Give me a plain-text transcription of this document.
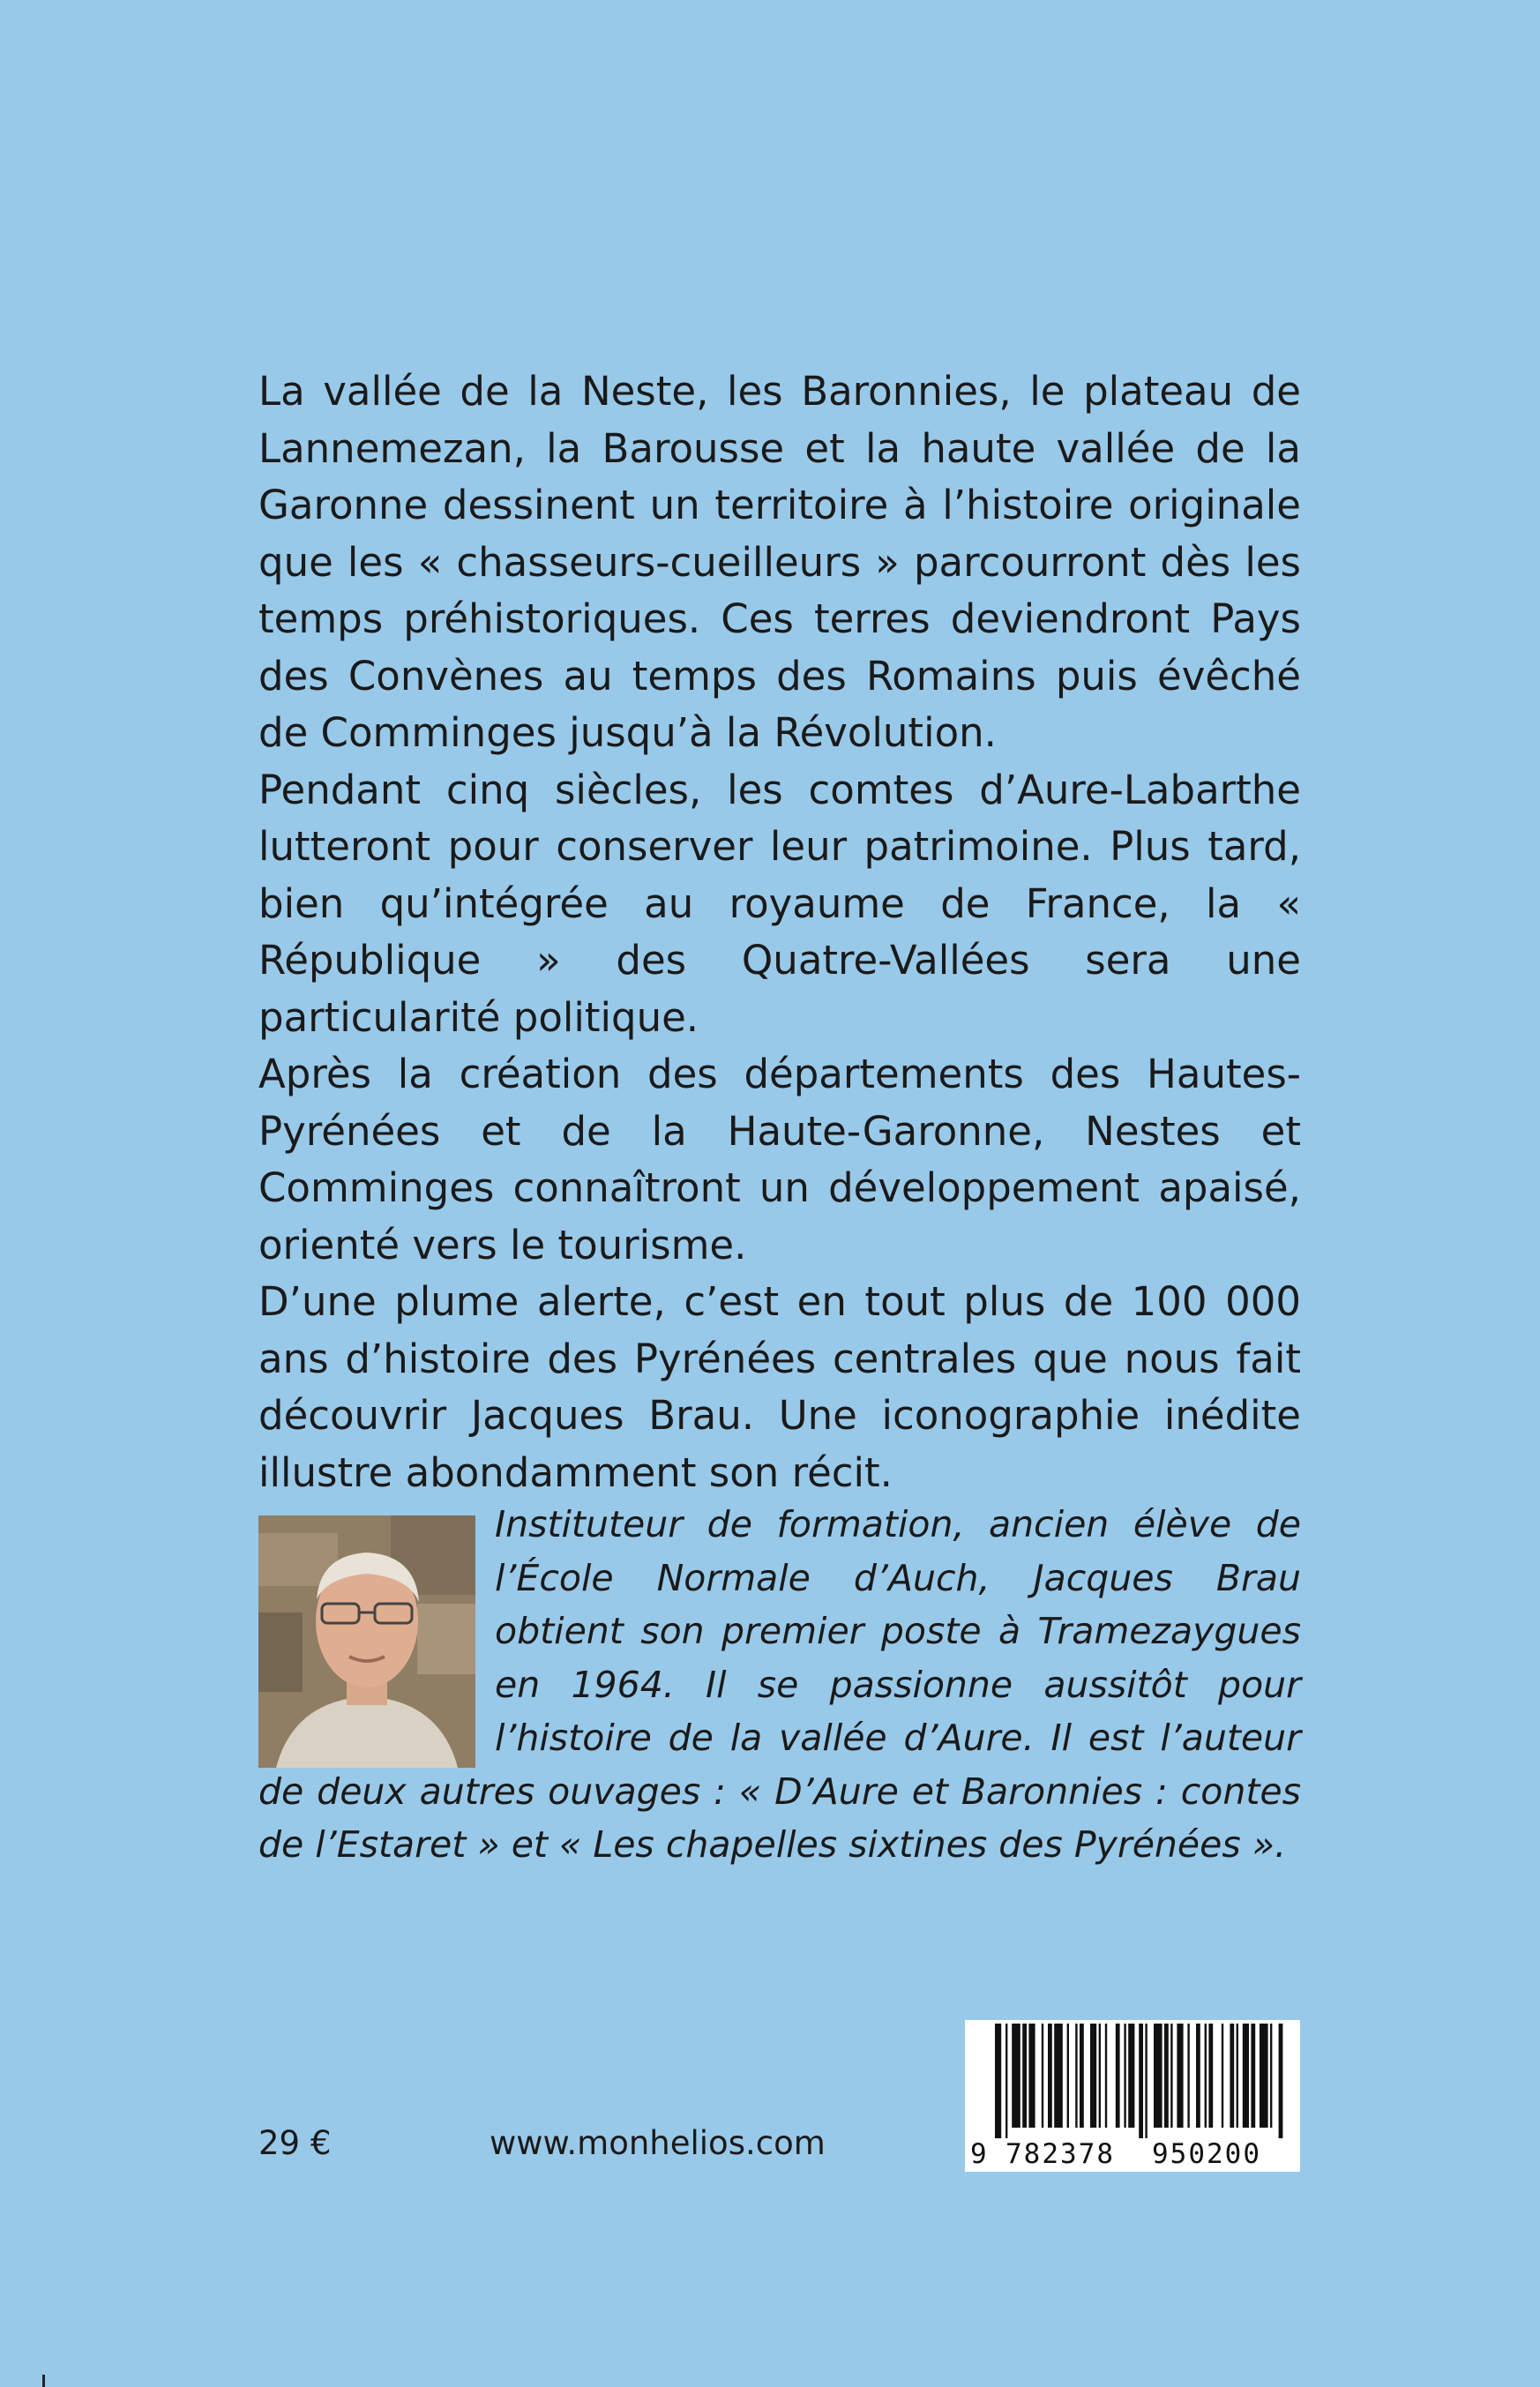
La vallée de la Neste, les Baronnies, le plateau de Lannemezan, la Barousse et la haute vallée de la Garonne dessinent un territoire à l’histoire originale que les « chasseurs-cueilleurs » parcourront dès les temps préhistoriques. Ces terres deviendront Pays des Convènes au temps des Romains puis évêché de Comminges jusqu’à la Révolution.

Pendant cinq siècles, les comtes d’Aure-Labarthe lutteront pour conserver leur patrimoine. Plus tard, bien qu’intégrée au royaume de France, la « République » des Quatre-Vallées sera une particularité politique.

Après la création des départements des Hautes-Pyrénées et de la Haute-Garonne, Nestes et Comminges connaîtront un développement apaisé, orienté vers le tourisme.

D’une plume alerte, c’est en tout plus de 100 000 ans d’histoire des Pyrénées centrales que nous fait découvrir Jacques Brau. Une iconographie inédite illustre abondamment son récit.

Instituteur de formation, ancien élève de l’École Normale d’Auch, Jacques Brau obtient son premier poste à Tramezaygues en 1964. Il se passionne aussitôt pour l’histoire de la vallée d’Aure. Il est l’auteur de deux autres ouvages : « D’Aure et Baronnies : contes de l’Estaret » et « Les chapelles sixtines des Pyrénées ».

29 €	www.monhelios.com	9 782378 950200
